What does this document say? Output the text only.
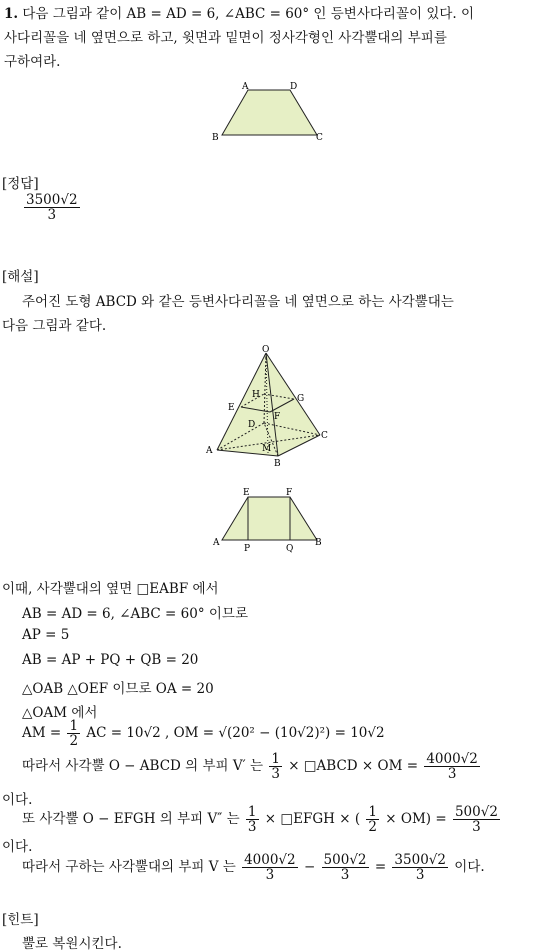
1. 다음 그림과 같이 AB = AD = 6, ∠ABC = 60° 인 등변사다리꼴이 있다. 이
사다리꼴을 네 옆면으로 하고, 윗면과 밑면이 정사각형인 사각뿔대의 부피를
구하여라.
A	D
B	C
[정답]
$\frac{3500√2}{3}$
[해설]
주어진 도형 ABCD 와 같은 등변사다리꼴을 네 옆면으로 하는 사각뿔대는
다음 그림과 같다.
O
H	G
E
F
D
C
A	M
B
E	F
A
P	Q
B
이때, 사각뿔대의 옆면 □EABF 에서
AB = AD = 6, ∠ABC = 60° 이므로
AP = 5
AB = AP + PQ + QB = 20
△OAB △OEF 이므로 OA = 20
△OAM 에서
AM = $\frac{1}{2}$ AC = 10√2 , OM = √(20² − (10√2)²) = 10√2
따라서 사각뿔 O − ABCD 의 부피 V′ 는 $\frac{1}{3}$ × □ABCD × OM = $\frac{4000√2}{3}$
이다.
또 사각뿔 O − EFGH 의 부피 V″ 는 $\frac{1}{3}$ × □EFGH × ( $\frac{1}{2} \times OM) = \frac{500√2}{3}$
이다.
따라서 구하는 사각뿔대의 부피 V 는 $\frac{4000√2}{3} - \frac{500√2}{3} = \frac{3500√2}{3}$ 이다.
[힌트]
뿔로 복원시킨다.
